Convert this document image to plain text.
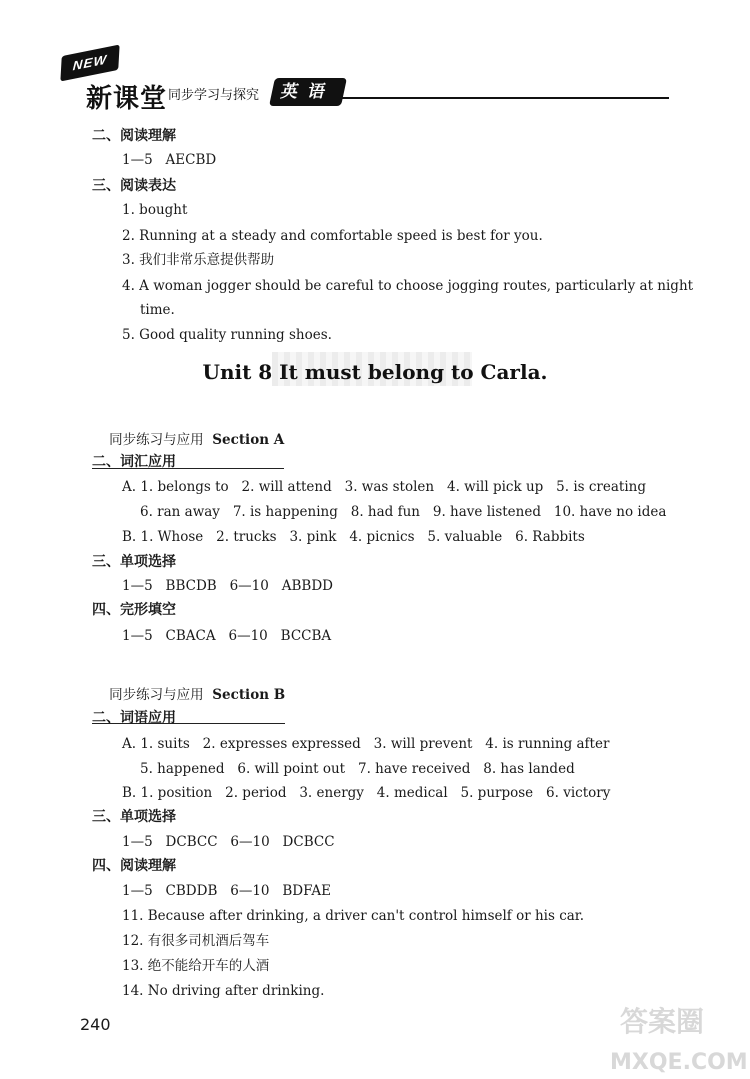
NEW
新课堂 同步学习与探究	英语
二、阅读理解
1—5   AECBD
三、阅读表达
1. bought
2. Running at a steady and comfortable speed is best for you.
3. 我们非常乐意提供帮助
4. A woman jogger should be careful to choose jogging routes, particularly at night
time.
5. Good quality running shoes.
Unit 8 It must belong to Carla.

同步练习与应用 Section A

二、词汇应用
A. 1. belongs to   2. will attend   3. was stolen   4. will pick up   5. is creating
6. ran away   7. is happening   8. had fun   9. have listened   10. have no idea
B. 1. Whose   2. trucks   3. pink   4. picnics   5. valuable   6. Rabbits
三、单项选择
1—5   BBCDB   6—10   ABBDD
四、完形填空
1—5   CBACA   6—10   BCCBA

同步练习与应用 Section B

二、词语应用
A. 1. suits   2. expresses expressed   3. will prevent   4. is running after
5. happened   6. will point out   7. have received   8. has landed
B. 1. position   2. period   3. energy   4. medical   5. purpose   6. victory
三、单项选择
1—5   DCBCC   6—10   DCBCC
四、阅读理解
1—5   CBDDB   6—10   BDFAE
11. Because after drinking, a driver can't control himself or his car.
12. 有很多司机酒后驾车
13. 绝不能给开车的人酒
14. No driving after drinking.
240	答案圈
MXQE.COM
